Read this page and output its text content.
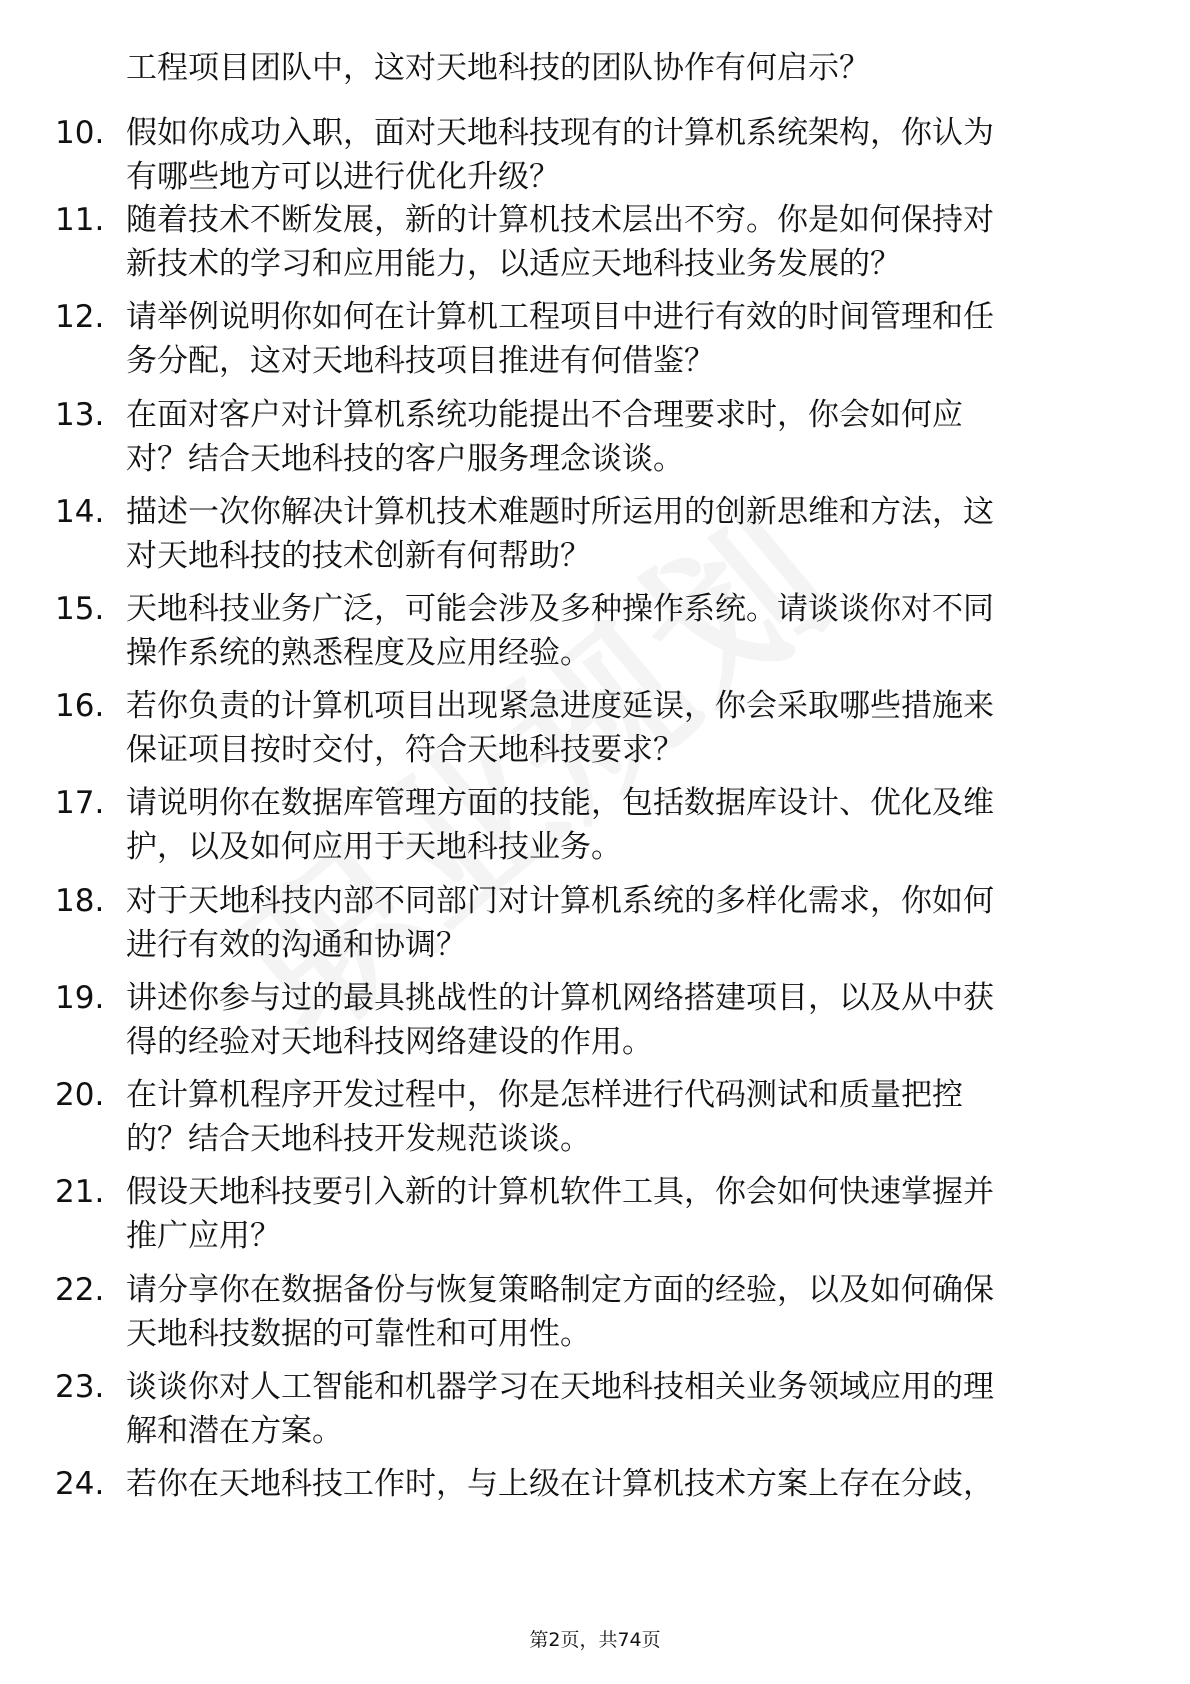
工程项目团队中，这对天地科技的团队协作有何启示？
10. 假如你成功入职，面对天地科技现有的计算机系统架构，你认为
有哪些地方可以进行优化升级？
11. 随着技术不断发展，新的计算机技术层出不穷。你是如何保持对
新技术的学习和应用能力，以适应天地科技业务发展的？
12. 请举例说明你如何在计算机工程项目中进行有效的时间管理和任
务分配，这对天地科技项目推进有何借鉴？
13. 在面对客户对计算机系统功能提出不合理要求时，你会如何应
对？结合天地科技的客户服务理念谈谈。
14. 描述一次你解决计算机技术难题时所运用的创新思维和方法，这
对天地科技的技术创新有何帮助？
15. 天地科技业务广泛，可能会涉及多种操作系统。请谈谈你对不同
操作系统的熟悉程度及应用经验。
16. 若你负责的计算机项目出现紧急进度延误，你会采取哪些措施来
保证项目按时交付，符合天地科技要求？
17. 请说明你在数据库管理方面的技能，包括数据库设计、优化及维
护，以及如何应用于天地科技业务。
18. 对于天地科技内部不同部门对计算机系统的多样化需求，你如何
进行有效的沟通和协调？
19. 讲述你参与过的最具挑战性的计算机网络搭建项目，以及从中获
得的经验对天地科技网络建设的作用。
20. 在计算机程序开发过程中，你是怎样进行代码测试和质量把控
的？结合天地科技开发规范谈谈。
21. 假设天地科技要引入新的计算机软件工具，你会如何快速掌握并
推广应用？
22. 请分享你在数据备份与恢复策略制定方面的经验，以及如何确保
天地科技数据的可靠性和可用性。
23. 谈谈你对人工智能和机器学习在天地科技相关业务领域应用的理
解和潜在方案。
24. 若你在天地科技工作时，与上级在计算机技术方案上存在分歧，
第2页，共74页
